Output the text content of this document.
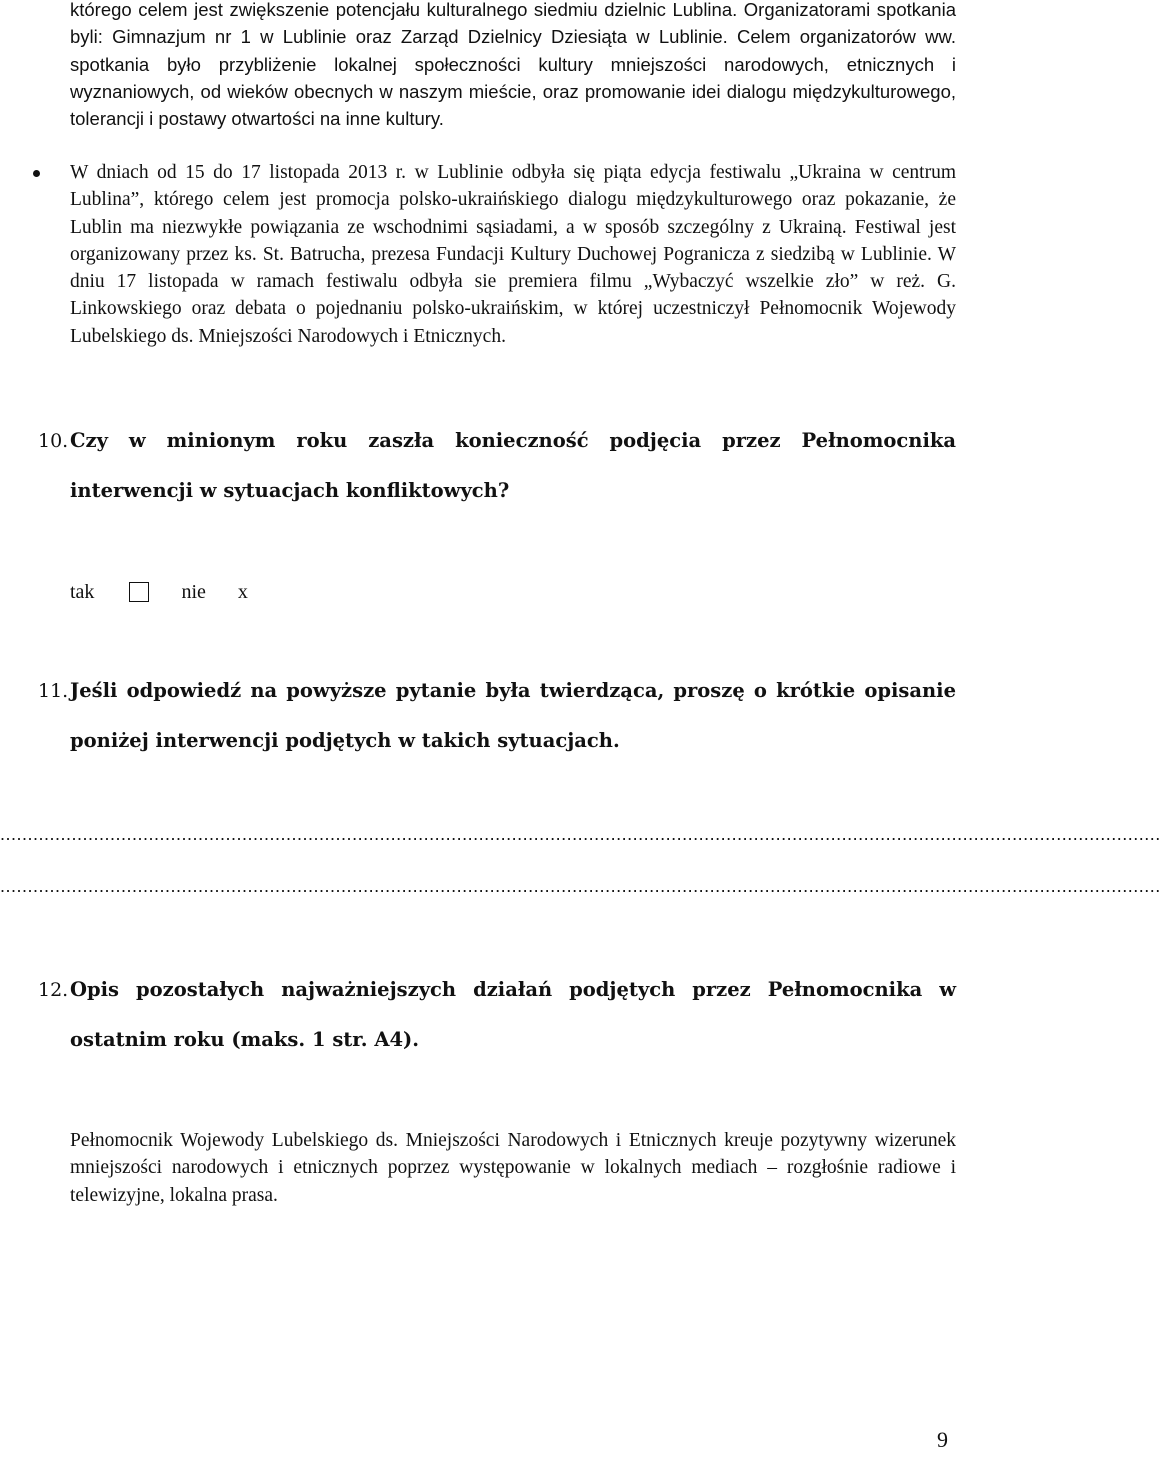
którego celem jest zwiększenie potencjału kulturalnego siedmiu dzielnic Lublina. Organizatorami spotkania byli: Gimnazjum nr 1 w Lublinie oraz Zarząd Dzielnicy Dziesiąta w Lublinie. Celem organizatorów ww. spotkania było przybliżenie lokalnej społeczności kultury mniejszości narodowych, etnicznych i wyznaniowych, od wieków obecnych w naszym mieście, oraz promowanie idei dialogu międzykulturowego, tolerancji i postawy otwartości na inne kultury.
W dniach od 15 do 17 listopada 2013 r. w Lublinie odbyła się piąta edycja festiwalu „Ukraina w centrum Lublina”, którego celem jest promocja polsko-ukraińskiego dialogu międzykulturowego oraz pokazanie, że Lublin ma niezwykłe powiązania ze wschodnimi sąsiadami, a w sposób szczególny z Ukrainą. Festiwal jest organizowany przez ks. St. Batrucha, prezesa Fundacji Kultury Duchowej Pogranicza z siedzibą w Lublinie. W dniu 17 listopada w ramach festiwalu odbyła sie premiera filmu „Wybaczyć wszelkie zło” w reż. G. Linkowskiego oraz debata o pojednaniu polsko-ukraińskim, w której uczestniczył Pełnomocnik Wojewody Lubelskiego ds. Mniejszości Narodowych i Etnicznych.
10. Czy w minionym roku zaszła konieczność podjęcia przez Pełnomocnika interwencji w sytuacjach konfliktowych?
tak	nie x
11. Jeśli odpowiedź na powyższe pytanie była twierdząca, proszę o krótkie opisanie poniżej interwencji podjętych w takich sytuacjach.
...................................................................................................................................................................................................................
...................................................................................................................................................................................................................
12. Opis pozostałych najważniejszych działań podjętych przez Pełnomocnika w ostatnim roku (maks. 1 str. A4).
Pełnomocnik Wojewody Lubelskiego ds. Mniejszości Narodowych i Etnicznych kreuje pozytywny wizerunek mniejszości narodowych i etnicznych poprzez występowanie w lokalnych mediach – rozgłośnie radiowe i telewizyjne, lokalna prasa.
9
